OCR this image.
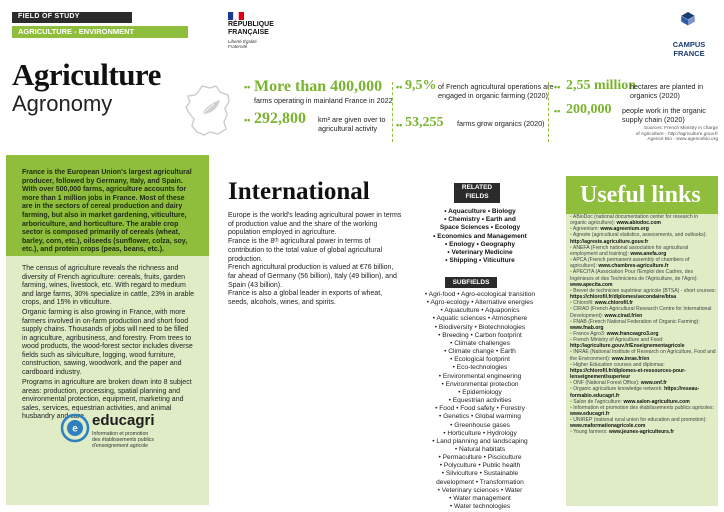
FIELD OF STUDY
AGRICULTURE - ENVIRONMENT
Agriculture
Agronomy
RÉPUBLIQUE
FRANÇAISE
Liberté Égalité Fraternité	CAMPUS
FRANCE
•• More than 400,000
farms operating in mainland France in 2022
•• 292,800 km² are given over to agricultural activity
•• 9,5% of French agricultural operations are engaged in organic farming (2020)
•• 53,255 farms grow organics (2020)
•• 2,55 million
hectares are planted in organics (2020)
•• 200,000 people work in the organic supply chain (2020)
Sources: French Ministry in charge
of Agriculture - http://agriculture.gouv.fr
Agence Bio - www.agencebio.org
France is the European Union's largest agricultural producer, followed by Germany, Italy, and Spain. With over 500,000 farms, agriculture accounts for more than 1 million jobs in France. Most of these are in the sectors of cereal production and dairy farming, but also in market gardening, viticulture, arboriculture, and horticulture. The arable crop sector is composed primarily of cereals (wheat, barley, corn, etc.), oilseeds (sunflower, colza, soy, etc.), and protein crops (peas, beans, etc.).
The census of agriculture reveals the richness and diversity of French agriculture: cereals, fruits, garden farming, wines, livestock, etc. With regard to medium and large farms, 30% specialize in cattle, 23% in arable crops, and 15% in viticulture.
Organic farming is also growing in France, with more farmers involved in on-farm production and short food supply chains. Thousands of jobs will need to be filled in agriculture, agribusiness, and forestry. From trees to wood products, the wood-forest sector includes diverse fields such as silviculture, logging, wood furniture, construction, sawing, woodwork, and the paper and cardboard industry.
Programs in agriculture are broken down into 8 subject areas: production, processing, spatial planning and environmental protection, equipment, marketing and sales, services, equestrian activities, and animal husbandry and care.
e educagri
Information et promotion
des établissements publics
d'enseignement agricole
International
Europe is the world's leading agricultural power in terms of production value and the share of the working population employed in agriculture.
France is the 8ᵗʰ agricultural power in terms of contribution to the total value of global agricultural production.
French agricultural production is valued at €76 billion, far ahead of Germany (56 billion), Italy (49 billion), and Spain (43 billion).
France is also a global leader in exports of wheat, seeds, alcohols, wines, and spirits.
RELATED
FIELDS
• Aquaculture • Biology
• Chemistry • Earth and
Space Sciences • Ecology
• Economics and Management
• Enology • Geography
• Veterinary Medicine
• Shipping • Viticulture
SUBFIELDS
• Agri-food • Agro-ecological transition
• Agro-ecology • Alternative energies
• Aquaculture • Aquaponics
• Aquatic sciences • Atmosphere
• Biodiversity • Biotechnologies
• Breeding • Carbon footprint
• Climate challenges
• Climate change • Earth
• Ecological footprint
• Eco-technologies
• Environmental engineering
• Environmental protection
• Epidemiology
• Equestrian activities
• Food • Food safety • Forestry
• Genetics • Global warming
• Greenhouse gases
• Horticulture • Hydrology
• Land planning and landscaping
• Natural habitats
• Permaculture • Pisciculture
• Polyculture • Public health
• Silviculture • Sustainable
development • Transformation
• Veterinary sciences • Water
• Water management
• Water technologies
Useful links
• ABioDoc (national documentation center for research in organic agriculture): www.abiodoc.com
• Agreenium: www.agreenium.org
• Agreste (agricultural statistics, assessments, and outlooks): http://agreste.agriculture.gouv.fr
• ANEFA (French national association for agricultural employment and training): www.anefa.org
• APCA (French permanent assembly of chambers of agriculture): www.chambres-agriculture.fr
• APECITA (Association Pour l'Emploi des Cadres, des Ingénieurs et des Techniciens de l'Agriculture, de l'Agro): www.apecita.com
• Brevet de technicien supérieur agricole (BTSA) - short courses: https://chlorofil.fr/diplomes/secondaire/btsa
• Chlorofil: www.chlorofil.fr
• CIRAD (French Agricultural Research Centre for International Development): www.cirad.fr/en
• FNAB (French National Federation of Organic Farming): www.fnab.org
• France Agro3: www.franceagro3.org
• French Ministry of Agriculture and Food: http://agriculture.gouv.fr/Enseignementagricole
• INRAE (National Institute of Research on Agriculture, Food and the Environment): www.inrae.fr/en
• Higher Education courses and diplomas: https://chlorofil.fr/diplomes-et-ressources-pour-lenseignement/superieur
• ONF (National Forest Office): www.onf.fr
• Organic agriculture knowledge network: https://reseau-formabio.educagri.fr
• Salon de l'agriculture: www.salon-agriculture.com
• Information et promotion des établissements publics agricoles: www.educagri.fr
• UNIREP (national rural union for education and promotion): www.maformationagricole.com
• Young farmers: www.jeunes-agriculteurs.fr
